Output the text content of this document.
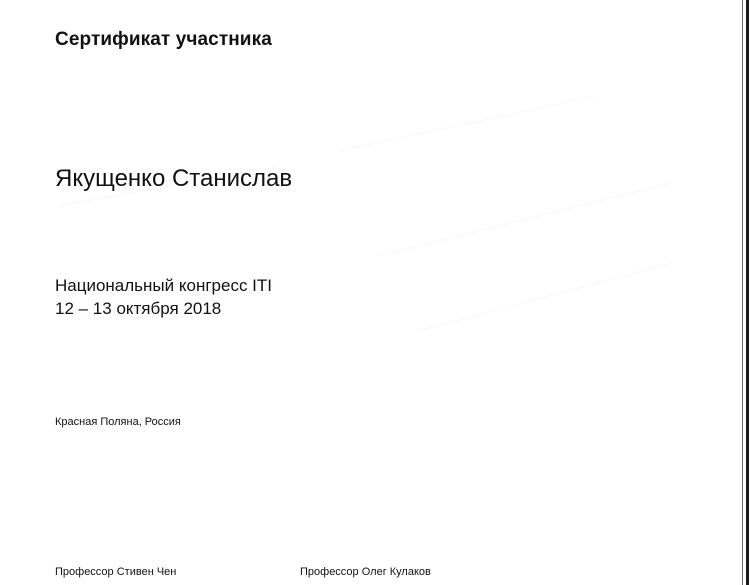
Сертификат участника
Якущенко Станислав
Национальный конгресс ITI
12 – 13 октября 2018
Красная Поляна, Россия
Профессор Стивен Чен	Профессор Олег Кулаков
